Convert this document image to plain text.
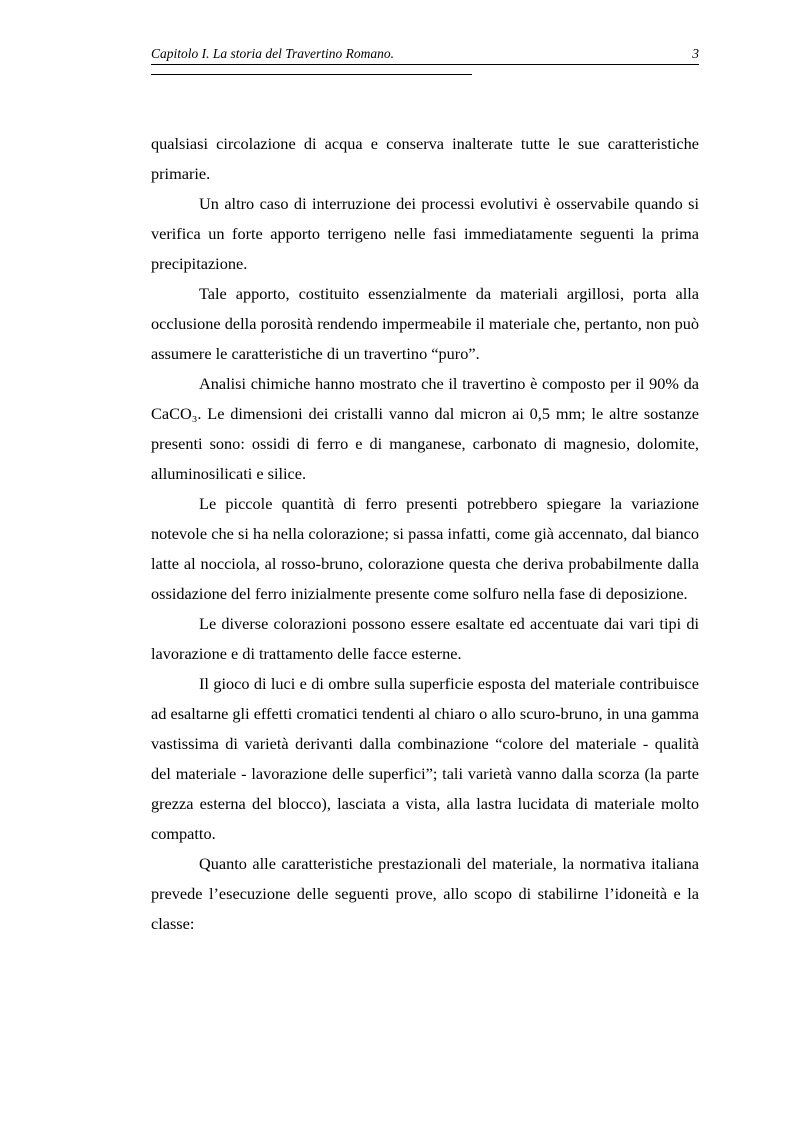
Capitolo I. La storia del Travertino Romano.	3

qualsiasi circolazione di acqua e conserva inalterate tutte le sue caratteristiche primarie.

Un altro caso di interruzione dei processi evolutivi è osservabile quando si verifica un forte apporto terrigeno nelle fasi immediatamente seguenti la prima precipitazione.

Tale apporto, costituito essenzialmente da materiali argillosi, porta alla occlusione della porosità rendendo impermeabile il materiale che, pertanto, non può assumere le caratteristiche di un travertino “puro”.

Analisi chimiche hanno mostrato che il travertino è composto per il 90% da CaCO₃. Le dimensioni dei cristalli vanno dal micron ai 0,5 mm; le altre sostanze presenti sono: ossidi di ferro e di manganese, carbonato di magnesio, dolomite, alluminosilicati e silice.

Le piccole quantità di ferro presenti potrebbero spiegare la variazione notevole che si ha nella colorazione; si passa infatti, come già accennato, dal bianco latte al nocciola, al rosso-bruno, colorazione questa che deriva probabilmente dalla ossidazione del ferro inizialmente presente come solfuro nella fase di deposizione.

Le diverse colorazioni possono essere esaltate ed accentuate dai vari tipi di lavorazione e di trattamento delle facce esterne.

Il gioco di luci e di ombre sulla superficie esposta del materiale contribuisce ad esaltarne gli effetti cromatici tendenti al chiaro o allo scuro-bruno, in una gamma vastissima di varietà derivanti dalla combinazione “colore del materiale - qualità del materiale - lavorazione delle superfici”; tali varietà vanno dalla scorza (la parte grezza esterna del blocco), lasciata a vista, alla lastra lucidata di materiale molto compatto.

Quanto alle caratteristiche prestazionali del materiale, la normativa italiana prevede l’esecuzione delle seguenti prove, allo scopo di stabilirne l’idoneità e la classe:
